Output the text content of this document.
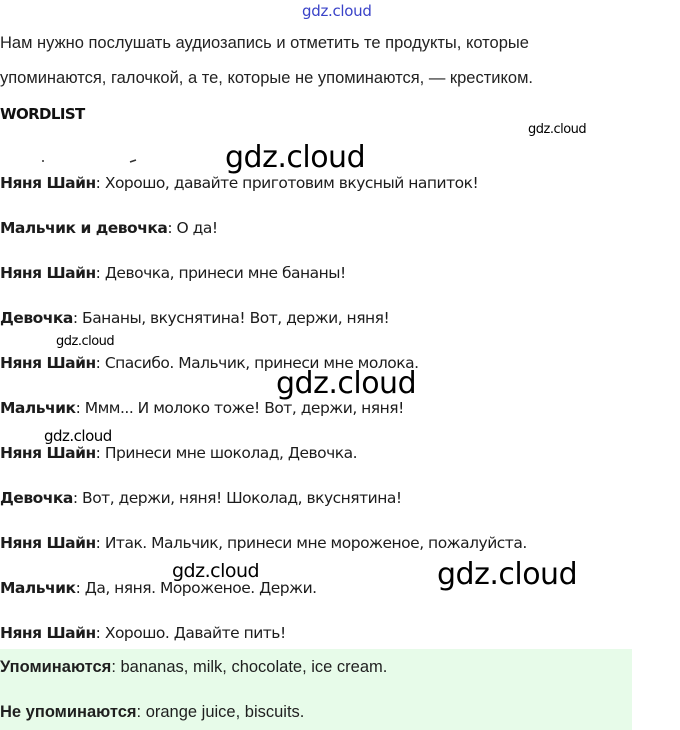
gdz.cloud
Нам нужно послушать аудиозапись и отметить те продукты, которые
упоминаются, галочкой, а те, которые не упоминаются, — крестиком.
WORDLIST
Няня Шайн: Хорошо, давайте приготовим вкусный напиток!
Мальчик и девочка: О да!
Няня Шайн: Девочка, принеси мне бананы!
Девочка: Бананы, вкуснятина! Вот, держи, няня!
Няня Шайн: Спасибо. Мальчик, принеси мне молока.
Мальчик: Ммм... И молоко тоже! Вот, держи, няня!
Няня Шайн: Принеси мне шоколад, Девочка.
Девочка: Вот, держи, няня! Шоколад, вкуснятина!
Няня Шайн: Итак. Мальчик, принеси мне мороженое, пожалуйста.
Мальчик: Да, няня. Мороженое. Держи.
Няня Шайн: Хорошо. Давайте пить!
Упоминаются: bananas, milk, chocolate, ice cream.
Не упоминаются: orange juice, biscuits.
gdz.cloud
gdz.cloud
gdz.cloud
gdz.cloud
gdz.cloud
gdz.cloud	gdz.cloud
